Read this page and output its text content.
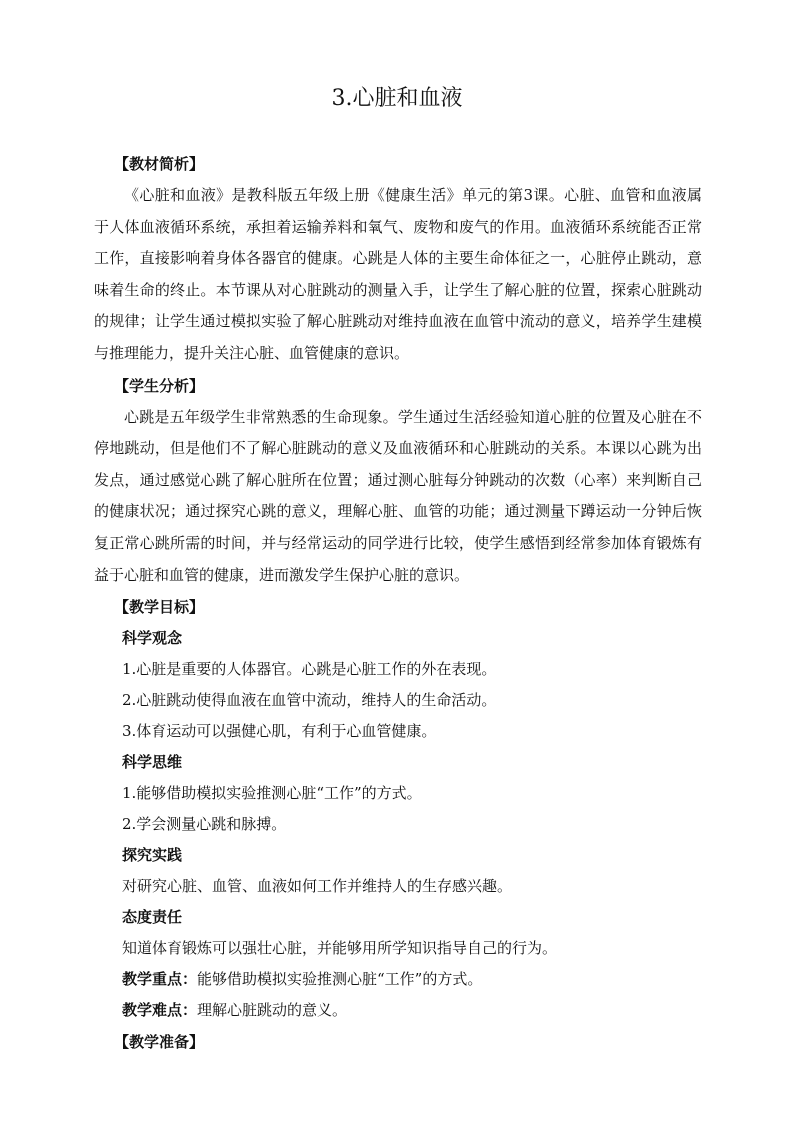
3.心脏和血液
【教材简析】

《心脏和血液》是教科版五年级上册《健康生活》单元的第3课。心脏、血管和血液属于人体血液循环系统，承担着运输养料和氧气、废物和废气的作用。血液循环系统能否正常工作，直接影响着身体各器官的健康。心跳是人体的主要生命体征之一，心脏停止跳动，意味着生命的终止。本节课从对心脏跳动的测量入手，让学生了解心脏的位置，探索心脏跳动的规律；让学生通过模拟实验了解心脏跳动对维持血液在血管中流动的意义，培养学生建模与推理能力，提升关注心脏、血管健康的意识。

【学生分析】

心跳是五年级学生非常熟悉的生命现象。学生通过生活经验知道心脏的位置及心脏在不停地跳动，但是他们不了解心脏跳动的意义及血液循环和心脏跳动的关系。本课以心跳为出发点，通过感觉心跳了解心脏所在位置；通过测心脏每分钟跳动的次数（心率）来判断自己的健康状况；通过探究心跳的意义，理解心脏、血管的功能；通过测量下蹲运动一分钟后恢复正常心跳所需的时间，并与经常运动的同学进行比较，使学生感悟到经常参加体育锻炼有益于心脏和血管的健康，进而激发学生保护心脏的意识。

【教学目标】
科学观念
1.心脏是重要的人体器官。心跳是心脏工作的外在表现。
2.心脏跳动使得血液在血管中流动，维持人的生命活动。
3.体育运动可以强健心肌，有利于心血管健康。
科学思维
1.能够借助模拟实验推测心脏“工作”的方式。
2.学会测量心跳和脉搏。
探究实践
对研究心脏、血管、血液如何工作并维持人的生存感兴趣。
态度责任
知道体育锻炼可以强壮心脏，并能够用所学知识指导自己的行为。
教学重点：能够借助模拟实验推测心脏“工作”的方式。
教学难点：理解心脏跳动的意义。
【教学准备】
